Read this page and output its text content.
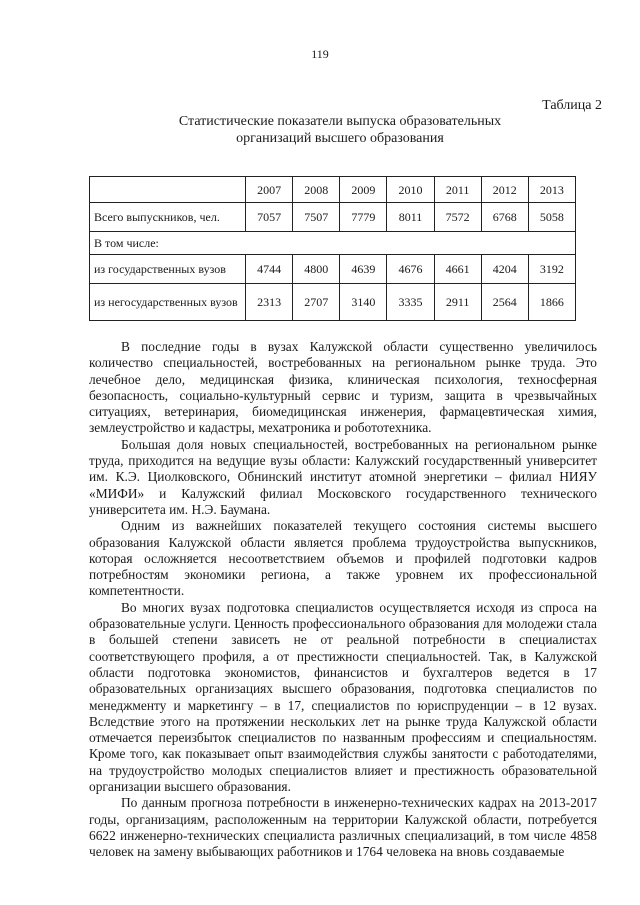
119
Таблица 2
Статистические показатели выпуска образовательных организаций высшего образования
	2007	2008	2009	2010	2011	2012	2013
Всего выпускников, чел.	7057	7507	7779	8011	7572	6768	5058
В том числе:							
из государственных вузов	4744	4800	4639	4676	4661	4204	3192
из негосударственных вузов	2313	2707	3140	3335	2911	2564	1866

В последние годы в вузах Калужской области существенно увеличилось количество специальностей, востребованных на региональном рынке труда. Это лечебное дело, медицинская физика, клиническая психология, техносферная безопасность, социально-культурный сервис и туризм, защита в чрезвычайных ситуациях, ветеринария, биомедицинская инженерия, фармацевтическая химия, землеустройство и кадастры, мехатроника и робототехника.

Большая доля новых специальностей, востребованных на региональном рынке труда, приходится на ведущие вузы области: Калужский государственный университет им. К.Э. Циолковского, Обнинский институт атомной энергетики – филиал НИЯУ «МИФИ» и Калужский филиал Московского государственного технического университета им. Н.Э. Баумана.

Одним из важнейших показателей текущего состояния системы высшего образования Калужской области является проблема трудоустройства выпускников, которая осложняется несоответствием объемов и профилей подготовки кадров потребностям экономики региона, а также уровнем их профессиональной компетентности.

Во многих вузах подготовка специалистов осуществляется исходя из спроса на образовательные услуги. Ценность профессионального образования для молодежи стала в большей степени зависеть не от реальной потребности в специалистах соответствующего профиля, а от престижности специальностей. Так, в Калужской области подготовка экономистов, финансистов и бухгалтеров ведется в 17 образовательных организациях высшего образования, подготовка специалистов по менеджменту и маркетингу – в 17, специалистов по юриспруденции – в 12 вузах. Вследствие этого на протяжении нескольких лет на рынке труда Калужской области отмечается переизбыток специалистов по названным профессиям и специальностям. Кроме того, как показывает опыт взаимодействия службы занятости с работодателями, на трудоустройство молодых специалистов влияет и престижность образовательной организации высшего образования.

По данным прогноза потребности в инженерно-технических кадрах на 2013-2017 годы, организациям, расположенным на территории Калужской области, потребуется 6622 инженерно-технических специалиста различных специализаций, в том числе 4858 человек на замену выбывающих работников и 1764 человека на вновь создаваемые
